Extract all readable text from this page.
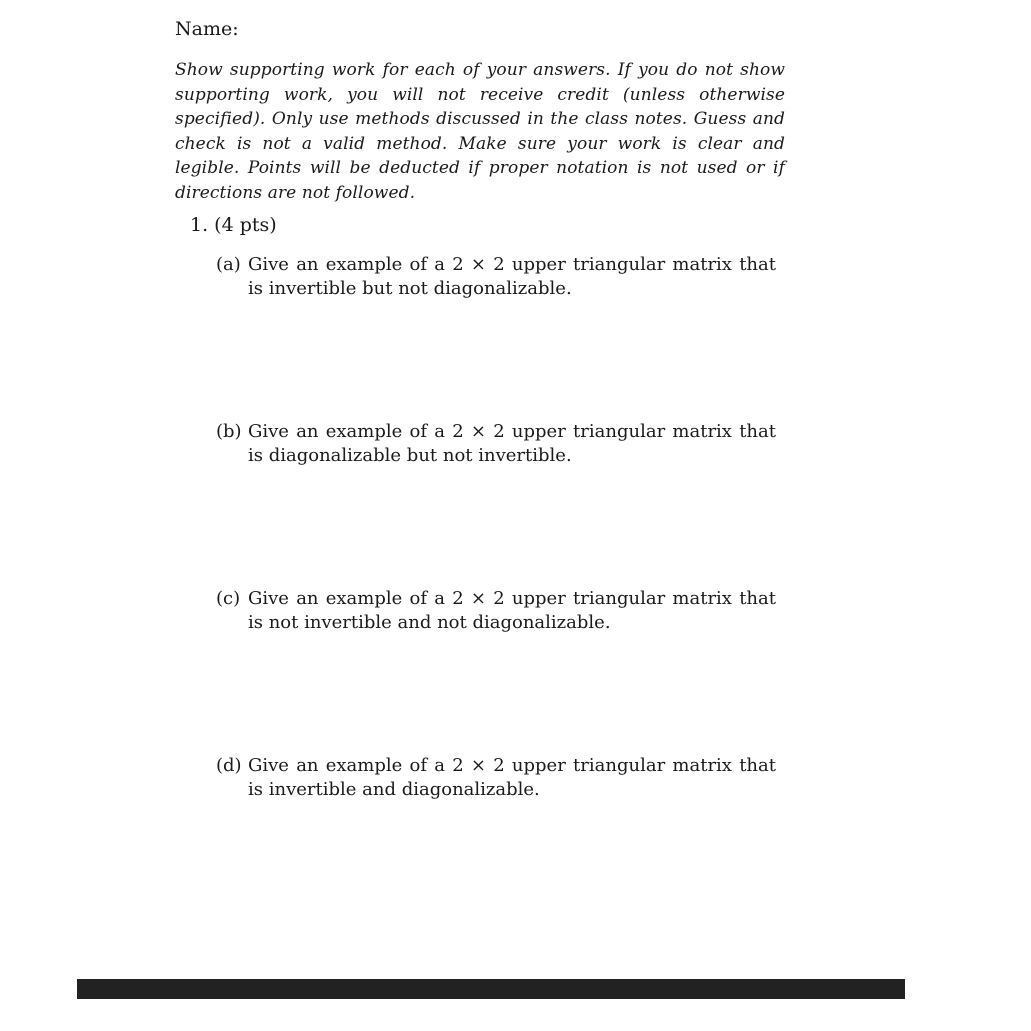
Name:
Show supporting work for each of your answers. If you do not show supporting work, you will not receive credit (unless otherwise specified). Only use methods discussed in the class notes. Guess and check is not a valid method. Make sure your work is clear and legible. Points will be deducted if proper notation is not used or if directions are not followed.
1. (4 pts)
(a) Give an example of a 2 × 2 upper triangular matrix that is invertible but not diagonalizable.
(b) Give an example of a 2 × 2 upper triangular matrix that is diagonalizable but not invertible.
(c) Give an example of a 2 × 2 upper triangular matrix that is not invertible and not diagonalizable.
(d) Give an example of a 2 × 2 upper triangular matrix that is invertible and diagonalizable.
